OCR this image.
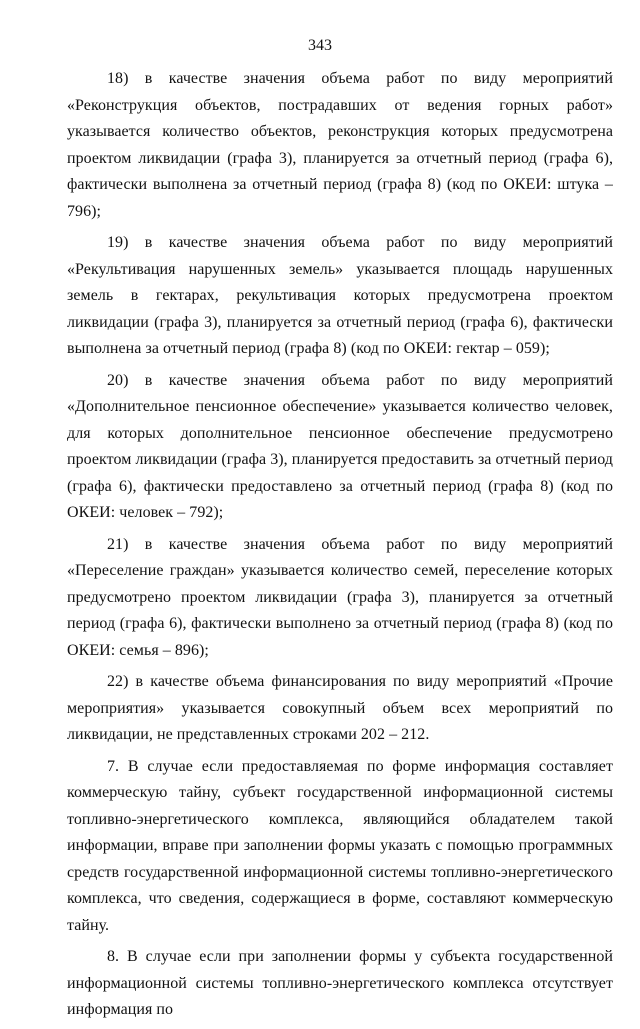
343

18) в качестве значения объема работ по виду мероприятий «Реконструкция объектов, пострадавших от ведения горных работ» указывается количество объектов, реконструкция которых предусмотрена проектом ликвидации (графа 3), планируется за отчетный период (графа 6), фактически выполнена за отчетный период (графа 8) (код по ОКЕИ: штука – 796);

19) в качестве значения объема работ по виду мероприятий «Рекультивация нарушенных земель» указывается площадь нарушенных земель в гектарах, рекультивация которых предусмотрена проектом ликвидации (графа 3), планируется за отчетный период (графа 6), фактически выполнена за отчетный период (графа 8) (код по ОКЕИ: гектар – 059);

20) в качестве значения объема работ по виду мероприятий «Дополнительное пенсионное обеспечение» указывается количество человек, для которых дополнительное пенсионное обеспечение предусмотрено проектом ликвидации (графа 3), планируется предоставить за отчетный период (графа 6), фактически предоставлено за отчетный период (графа 8) (код по ОКЕИ: человек – 792);

21) в качестве значения объема работ по виду мероприятий «Переселение граждан» указывается количество семей, переселение которых предусмотрено проектом ликвидации (графа 3), планируется за отчетный период (графа 6), фактически выполнено за отчетный период (графа 8) (код по ОКЕИ: семья – 896);

22) в качестве объема финансирования по виду мероприятий «Прочие мероприятия» указывается совокупный объем всех мероприятий по ликвидации, не представленных строками 202 – 212.

7. В случае если предоставляемая по форме информация составляет коммерческую тайну, субъект государственной информационной системы топливно-энергетического комплекса, являющийся обладателем такой информации, вправе при заполнении формы указать с помощью программных средств государственной информационной системы топливно-энергетического комплекса, что сведения, содержащиеся в форме, составляют коммерческую тайну.

8. В случае если при заполнении формы у субъекта государственной информационной системы топливно-энергетического комплекса отсутствует информация по
